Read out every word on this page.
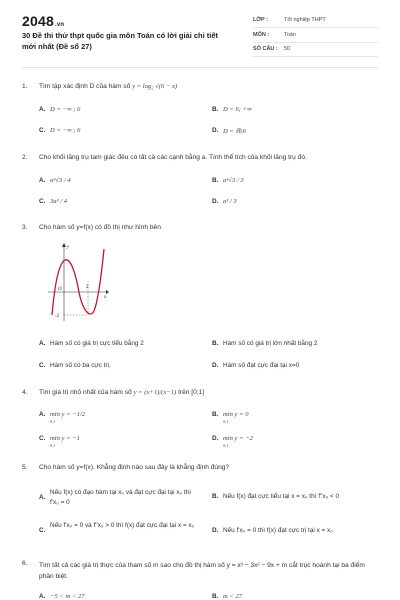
2048.vn
30 Đề thi thử thpt quốc gia môn Toán có lời giải chi tiết mới nhất (Đề số 27)
LỚP :	Tốt nghiệp THPT
MÔN :	Toán
SỐ CÂU : 50
1. Tìm tập xác định D của hàm số y = log₂ √(6 − x)
A. D = −∞ ; 6	B. D = 6; +∞
C. D = −∞ ; 6	D. D = ℝ\6
2. Cho khối lăng trụ tam giác đều có tất cả các cạnh bằng a. Tính thể tích của khối lăng trụ đó.
A. a³√3 / 4	B. a³√3 / 3
C. 3a³ / 4	D. a³ / 3
3. Cho hàm số y=f(x) có đồ thị như hình bên
y
O
x
2
-2
A. Hàm số có giá trị cực tiểu bằng 2	B. Hàm số có giá trị lớn nhất bằng 2
C. Hàm số có ba cực trị.	D. Hàm số đạt cực đại tại x=0
4. Tìm giá trị nhỏ nhất của hàm số y = (x+1)/(x−1) trên [0;1]
A. min y = −1/2
0;1
B. min y = 0
0;1
C. min y = −1
0;1
D. min y = −2
0;1
5. Cho hàm số y=f(x). Khẳng định nào sau đây là khẳng định đúng?
A.
Nếu f(x) có đạo hàm tại x₀ và đạt cực đại tại x₀ thì f'x₀ = 0
B. Nếu f(x) đạt cực tiểu tại x = x₀ thì f''x₀ < 0
C.
Nếu f'x₀ = 0 và f''x₀ > 0 thì f(x) đạt cực đại tại x = x₀
D. Nếu f'x₀ = 0 thì f(x) đạt cực trị tại x = x₀
6. Tìm tất cả các giá trị thực của tham số m sao cho đồ thị hàm số y = x³ − 3x² − 9x + m cắt trục hoành tại ba điểm phân biệt.
A. −5 < m < 27	B. m < 27
